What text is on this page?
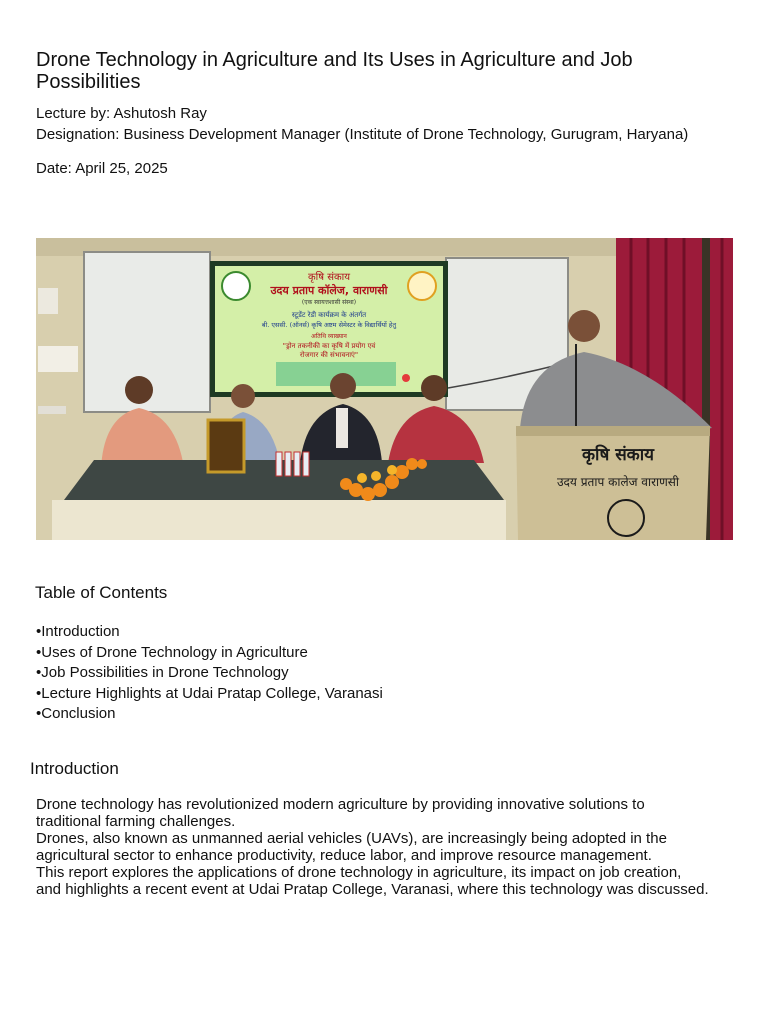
Drone Technology in Agriculture and Its Uses in Agriculture and Job Possibilities
Lecture by: Ashutosh Ray
Designation: Business Development Manager (Institute of Drone Technology, Gurugram, Haryana)
Date: April 25, 2025
कृषि संकाय
उदय प्रताप कॉलेज, वाराणसी
(एक स्वायत्तशासी संस्था)
स्टूडेंट रेडी कार्यक्रम के अंतर्गत
बी. एससी. (ऑनर्स) कृषि अष्टम सेमेस्टर के विद्यार्थियों हेतु
अतिथि व्याख्यान
"ड्रोन तकनीकी का कृषि में प्रयोग एवं
रोजगार की संभावनाएं"
कृषि संकाय
उदय प्रताप कालेज वाराणसी
Table of Contents
• Introduction
• Uses of Drone Technology in Agriculture
• Job Possibilities in Drone Technology
• Lecture Highlights at Udai Pratap College, Varanasi
• Conclusion
Introduction

Drone technology has revolutionized modern agriculture by providing innovative solutions to

traditional farming challenges.

Drones, also known as unmanned aerial vehicles (UAVs), are increasingly being adopted in the

agricultural sector to enhance productivity, reduce labor, and improve resource management.

This report explores the applications of drone technology in agriculture, its impact on job creation,

and highlights a recent event at Udai Pratap College, Varanasi, where this technology was discussed.
